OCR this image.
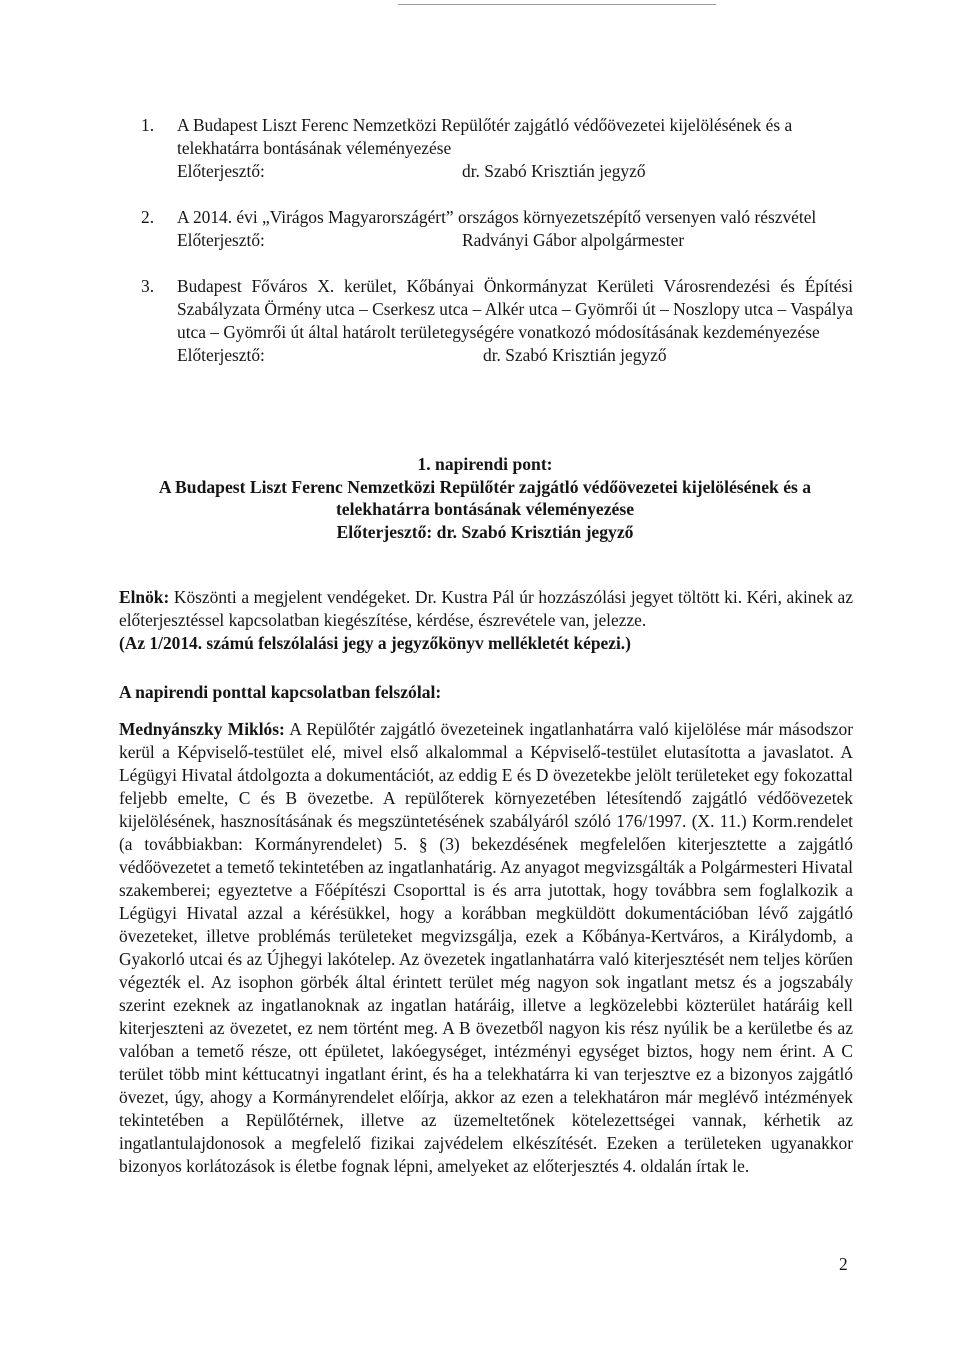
1. A Budapest Liszt Ferenc Nemzetközi Repülőtér zajgátló védőövezetei kijelölésének és a telekhatárra bontásának véleményezése
Előterjesztő:	dr. Szabó Krisztián jegyző
2. A 2014. évi „Virágos Magyarországért” országos környezetszépítő versenyen való részvétel
Előterjesztő:	Radványi Gábor alpolgármester
3. Budapest Főváros X. kerület, Kőbányai Önkormányzat Kerületi Városrendezési és Építési Szabályzata Örmény utca – Cserkesz utca – Alkér utca – Gyömrői út – Noszlopy utca – Vaspálya utca – Gyömrői út által határolt területegységére vonatkozó módosításának kezdeményezése
Előterjesztő:	dr. Szabó Krisztián jegyző
1. napirendi pont:
A Budapest Liszt Ferenc Nemzetközi Repülőtér zajgátló védőövezetei kijelölésének és a
telekhatárra bontásának véleményezése
Előterjesztő: dr. Szabó Krisztián jegyző

Elnök: Köszönti a megjelent vendégeket. Dr. Kustra Pál úr hozzászólási jegyet töltött ki. Kéri, akinek az előterjesztéssel kapcsolatban kiegészítése, kérdése, észrevétele van, jelezze.

(Az 1/2014. számú felszólalási jegy a jegyzőkönyv mellékletét képezi.)

A napirendi ponttal kapcsolatban felszólal:

Mednyánszky Miklós: A Repülőtér zajgátló övezeteinek ingatlanhatárra való kijelölése már másodszor kerül a Képviselő-testület elé, mivel első alkalommal a Képviselő-testület elutasította a javaslatot. A Légügyi Hivatal átdolgozta a dokumentációt, az eddig E és D övezetekbe jelölt területeket egy fokozattal feljebb emelte, C és B övezetbe. A repülőterek környezetében létesítendő zajgátló védőövezetek kijelölésének, hasznosításának és megszüntetésének szabályáról szóló 176/1997. (X. 11.) Korm.rendelet (a továbbiakban: Kormányrendelet) 5. § (3) bekezdésének megfelelően kiterjesztette a zajgátló védőövezetet a temető tekintetében az ingatlanhatárig. Az anyagot megvizsgálták a Polgármesteri Hivatal szakemberei; egyeztetve a Főépítészi Csoporttal is és arra jutottak, hogy továbbra sem foglalkozik a Légügyi Hivatal azzal a kérésükkel, hogy a korábban megküldött dokumentációban lévő zajgátló övezeteket, illetve problémás területeket megvizsgálja, ezek a Kőbánya-Kertváros, a Királydomb, a Gyakorló utcai és az Újhegyi lakótelep. Az övezetek ingatlanhatárra való kiterjesztését nem teljes körűen végezték el. Az isophon görbék által érintett terület még nagyon sok ingatlant metsz és a jogszabály szerint ezeknek az ingatlanoknak az ingatlan határáig, illetve a legközelebbi közterület határáig kell kiterjeszteni az övezetet, ez nem történt meg. A B övezetből nagyon kis rész nyúlik be a kerületbe és az valóban a temető része, ott épületet, lakóegységet, intézményi egységet biztos, hogy nem érint. A C terület több mint kéttucatnyi ingatlant érint, és ha a telekhatárra ki van terjesztve ez a bizonyos zajgátló övezet, úgy, ahogy a Kormányrendelet előírja, akkor az ezen a telekhatáron már meglévő intézmények tekintetében a Repülőtérnek, illetve az üzemeltetőnek kötelezettségei vannak, kérhetik az ingatlantulajdonosok a megfelelő fizikai zajvédelem elkészítését. Ezeken a területeken ugyanakkor bizonyos korlátozások is életbe fognak lépni, amelyeket az előterjesztés 4. oldalán írtak le.

2
